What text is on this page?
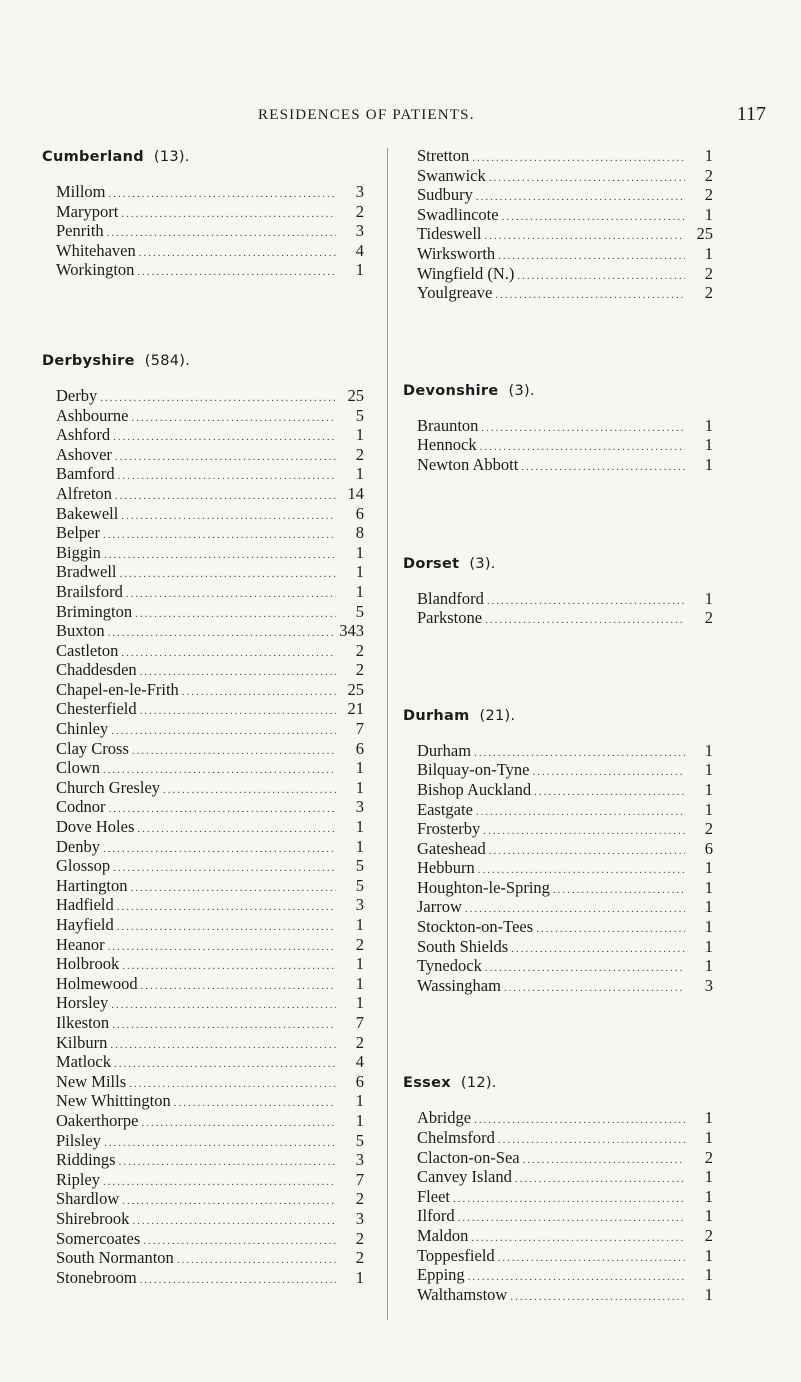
RESIDENCES OF PATIENTS.	117
Cumberland (13).
Millom .....	3
Maryport .....	2
Penrith .....	3
Whitehaven .....	4
Workington .....	1
Derbyshire (584).
Derby .....	25
Ashbourne .....	5
Ashford .....	1
Ashover .....	2
Bamford .....	1
Alfreton .....	14
Bakewell .....	6
Belper .....	8
Biggin .....	1
Bradwell .....	1
Brailsford .....	1
Brimington .....	5
Buxton .....	343
Castleton .....	2
Chaddesden .....	2
Chapel-en-le-Frith .....	25
Chesterfield .....	21
Chinley .....	7
Clay Cross .....	6
Clown .....	1
Church Gresley .....	1
Codnor .....	3
Dove Holes .....	1
Denby .....	1
Glossop .....	5
Hartington .....	5
Hadfield .....	3
Hayfield .....	1
Heanor .....	2
Holbrook .....	1
Holmewood .....	1
Horsley .....	1
Ilkeston .....	7
Kilburn .....	2
Matlock .....	4
New Mills .....	6
New Whittington .....	1
Oakerthorpe .....	1
Pilsley .....	5
Riddings .....	3
Ripley .....	7
Shardlow .....	2
Shirebrook .....	3
Somercoates .....	2
South Normanton .....	2
Stonebroom .....	1
Stretton .....	1
Swanwick .....	2
Sudbury .....	2
Swadlincote .....	1
Tideswell .....	25
Wirksworth .....	1
Wingfield (N.) .....	2
Youlgreave .....	2
Devonshire (3).
Braunton .....	1
Hennock .....	1
Newton Abbott .....	1
Dorset (3).
Blandford .....	1
Parkstone .....	2
Durham (21).
Durham .....	1
Bilquay-on-Tyne .....	1
Bishop Auckland .....	1
Eastgate .....	1
Frosterby .....	2
Gateshead .....	6
Hebburn .....	1
Houghton-le-Spring .....	1
Jarrow .....	1
Stockton-on-Tees .....	1
South Shields .....	1
Tynedock .....	1
Wassingham .....	3
Essex (12).
Abridge .....	1
Chelmsford .....	1
Clacton-on-Sea .....	2
Canvey Island .....	1
Fleet .....	1
Ilford .....	1
Maldon .....	2
Toppesfield .....	1
Epping .....	1
Walthamstow .....	1
